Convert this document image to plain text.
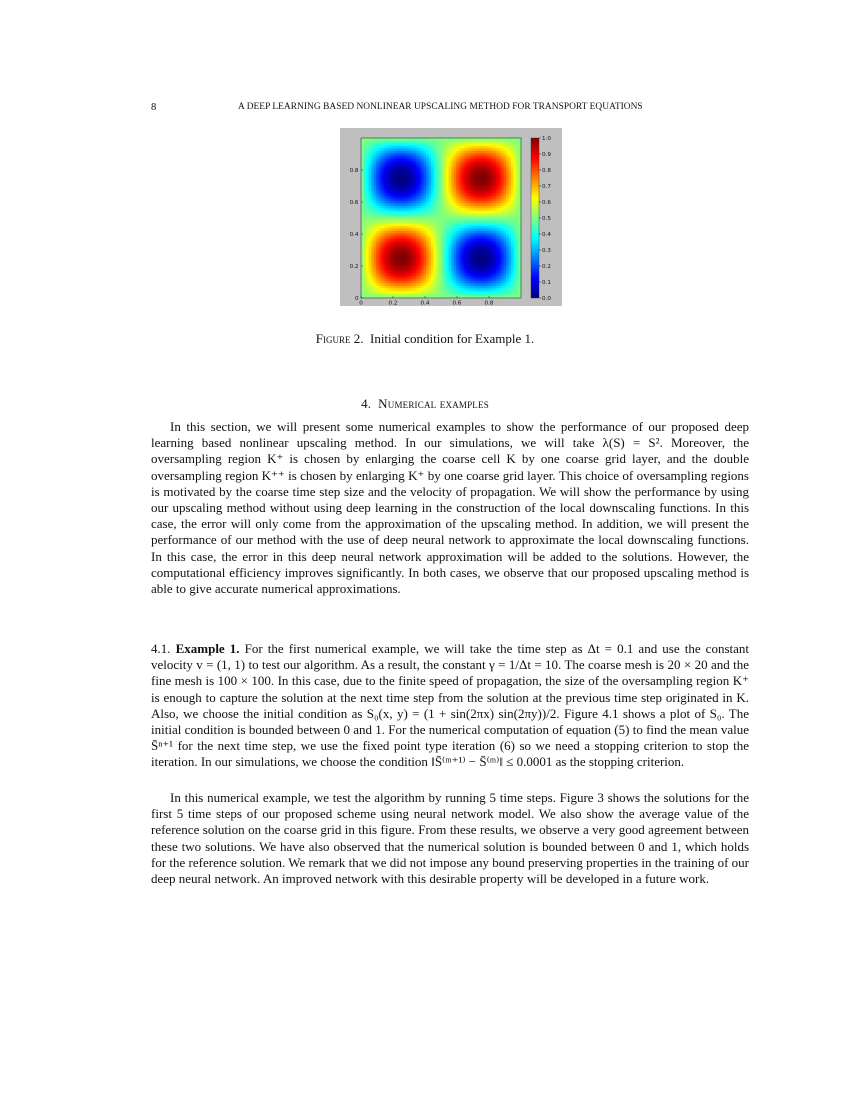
8	A DEEP LEARNING BASED NONLINEAR UPSCALING METHOD FOR TRANSPORT EQUATIONS
0	0.2	0.4	0.6	0.8
0
0.2
0.4
0.6
0.8
0.0
0.1
0.2
0.3
0.4
0.5
0.6
0.7
0.8
0.9
1.0
Figure 2. Initial condition for Example 1.
4. Numerical examples

In this section, we will present some numerical examples to show the performance of our proposed deep learning based nonlinear upscaling method. In our simulations, we will take λ(S) = S². Moreover, the oversampling region K⁺ is chosen by enlarging the coarse cell K by one coarse grid layer, and the double oversampling region K⁺⁺ is chosen by enlarging K⁺ by one coarse grid layer. This choice of oversampling regions is motivated by the coarse time step size and the velocity of propagation. We will show the performance by using our upscaling method without using deep learning in the construction of the local downscaling functions. In this case, the error will only come from the approximation of the upscaling method. In addition, we will present the performance of our method with the use of deep neural network to approximate the local downscaling functions. In this case, the error in this deep neural network approximation will be added to the solutions. However, the computational efficiency improves significantly. In both cases, we observe that our proposed upscaling method is able to give accurate numerical approximations.

4.1. Example 1. For the first numerical example, we will take the time step as Δt = 0.1 and use the constant velocity v = (1, 1) to test our algorithm. As a result, the constant γ = 1/Δt = 10. The coarse mesh is 20 × 20 and the fine mesh is 100 × 100. In this case, due to the finite speed of propagation, the size of the oversampling region K⁺ is enough to capture the solution at the next time step from the solution at the previous time step originated in K. Also, we choose the initial condition as S₀(x, y) = (1 + sin(2πx) sin(2πy))/2. Figure 4.1 shows a plot of S₀. The initial condition is bounded between 0 and 1. For the numerical computation of equation (5) to find the mean value S̄ⁿ⁺¹ for the next time step, we use the fixed point type iteration (6) so we need a stopping criterion to stop the iteration. In our simulations, we choose the condition ‖S̄⁽ᵐ⁺¹⁾ − S̄⁽ᵐ⁾‖ ≤ 0.0001 as the stopping criterion.

In this numerical example, we test the algorithm by running 5 time steps. Figure 3 shows the solutions for the first 5 time steps of our proposed scheme using neural network model. We also show the average value of the reference solution on the coarse grid in this figure. From these results, we observe a very good agreement between these two solutions. We have also observed that the numerical solution is bounded between 0 and 1, which holds for the reference solution. We remark that we did not impose any bound preserving properties in the training of our deep neural network. An improved network with this desirable property will be developed in a future work.
